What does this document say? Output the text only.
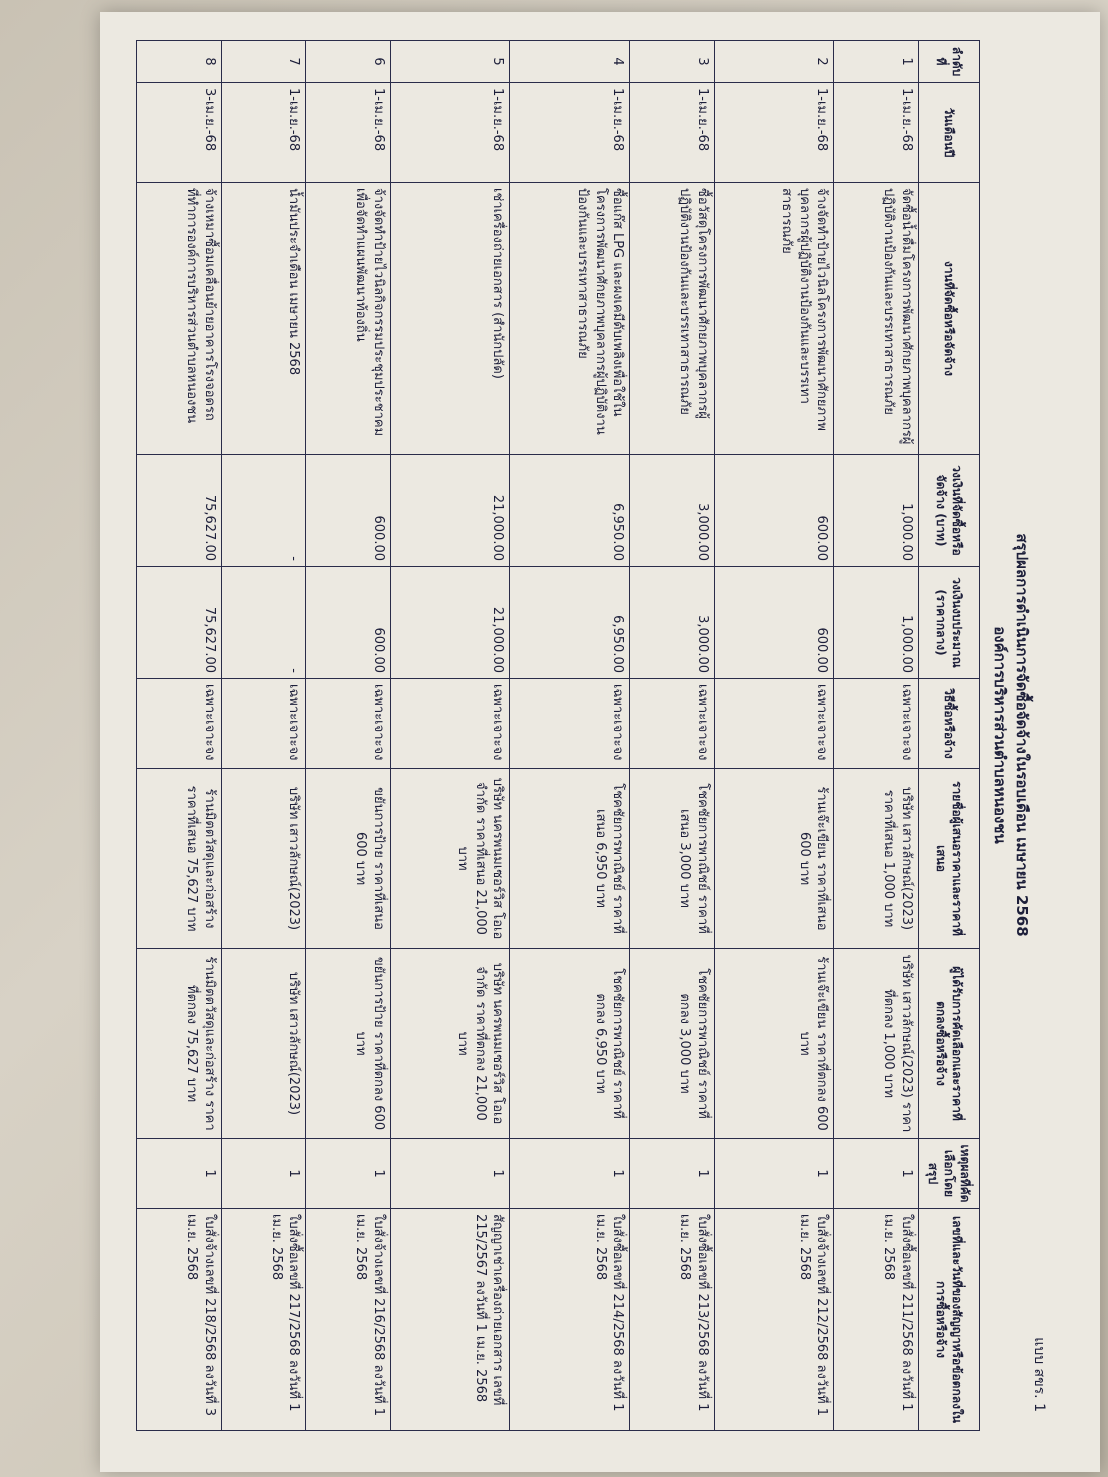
แบบ สขร. 1
สรุปผลการดำเนินการจัดซื้อจัดจ้างในรอบเดือน เมษายน 2568
องค์การบริหารส่วนตำบลหนองชน
ลำดับที่	วันเดือนปี	งานที่จัดซื้อหรือจัดจ้าง	วงเงินที่จัดซื้อหรือจัดจ้าง (บาท)	วงเงินงบประมาณ (ราคากลาง)	วิธีซื้อหรือจ้าง	รายชื่อผู้เสนอราคาและราคาที่เสนอ	ผู้ได้รับการคัดเลือกและราคาที่ตกลงซื้อหรือจ้าง	เหตุผลที่คัดเลือกโดยสรุป	เลขที่และวันที่ของสัญญาหรือข้อตกลงในการซื้อหรือจ้าง
1	1-เม.ย.-68	จัดซื้อน้ำดื่มโครงการพัฒนาศักยภาพบุคลากรผู้ปฏิบัติงานป้องกันและบรรเทาสาธารณภัย	1,000.00	1,000.00	เฉพาะเจาะจง	บริษัท เสาวลักษณ์(2023) ราคาที่เสนอ 1,000 บาท	บริษัท เสาวลักษณ์(2023) ราคาที่ตกลง 1,000 บาท	1	ใบสั่งซื้อเลขที่ 211/2568 ลงวันที่ 1 เม.ย. 2568
2	1-เม.ย.-68	จ้างจัดทำป้ายไวนิลโครงการพัฒนาศักยภาพบุคลากรผู้ปฏิบัติงานป้องกันและบรรเทาสาธารณภัย	600.00	600.00	เฉพาะเจาะจง	ร้านเจ๊ะเขียน ราคาที่เสนอ 600 บาท	ร้านเจ๊ะเขียน ราคาที่ตกลง 600 บาท	1	ใบสั่งจ้างเลขที่ 212/2568 ลงวันที่ 1 เม.ย. 2568
3	1-เม.ย.-68	ซื้อวัสดุโครงการพัฒนาศักยภาพบุคลากรผู้ปฏิบัติงานป้องกันและบรรเทาสาธารณภัย	3,000.00	3,000.00	เฉพาะเจาะจง	โชคชัยการพาณิชย์ ราคาที่เสนอ 3,000 บาท	โชคชัยการพาณิชย์ ราคาที่ตกลง 3,000 บาท	1	ใบสั่งซื้อเลขที่ 213/2568 ลงวันที่ 1 เม.ย. 2568
4	1-เม.ย.-68	ซื้อแก๊ส LPG และผงเคมีดับเพลิงเพื่อใช้ในโครงการพัฒนาศักยภาพบุคลากรผู้ปฏิบัติงานป้องกันและบรรเทาสาธารณภัย	6,950.00	6,950.00	เฉพาะเจาะจง	โชคชัยการพาณิชย์ ราคาที่เสนอ 6,950 บาท	โชคชัยการพาณิชย์ ราคาที่ตกลง 6,950 บาท	1	ใบสั่งซื้อเลขที่ 214/2568 ลงวันที่ 1 เม.ย. 2568
5	1-เม.ย.-68	เช่าเครื่องถ่ายเอกสาร (สำนักปลัด)	21,000.00	21,000.00	เฉพาะเจาะจง	บริษัท นครพนมเซอร์วิส โอเอจำกัด ราคาที่เสนอ 21,000 บาท	บริษัท นครพนมเซอร์วิส โอเอจำกัด ราคาที่ตกลง 21,000 บาท	1	สัญญาเช่าเครื่องถ่ายเอกสาร เลขที่ 215/2567 ลงวันที่ 1 เม.ย. 2568
6	1-เม.ย.-68	จ้างจัดทำป้ายไวนิลกิจกรรมประชุมประชาคมเพื่อจัดทำแผนพัฒนาท้องถิ่น	600.00	600.00	เฉพาะเจาะจง	ขยันการป้าย ราคาที่เสนอ 600 บาท	ขยันการป้าย ราคาที่ตกลง 600 บาท	1	ใบสั่งจ้างเลขที่ 216/2568 ลงวันที่ 1 เม.ย. 2568
7	1-เม.ย.-68	น้ำมันประจำเดือน เมษายน 2568	-	-	เฉพาะเจาะจง	บริษัท เสาวลักษณ์(2023)	บริษัท เสาวลักษณ์(2023)	1	ใบสั่งซื้อเลขที่ 217/2568 ลงวันที่ 1 เม.ย. 2568
8	3-เม.ย.-68	จ้างเหมาซื้อมเคลื่อนย้ายอาคารโรงจอดรถที่ทำการองค์การบริหารส่วนตำบลหนองชน	75,627.00	75,627.00	เฉพาะเจาะจง	ร้านมิตตวัสดุและก่อสร้าง ราคาที่เสนอ 75,627 บาท	ร้านมิตตวัสดุและก่อสร้าง ราคาที่ตกลง 75,627 บาท	1	ใบสั่งจ้างเลขที่ 218/2568 ลงวันที่ 3 เม.ย. 2568
